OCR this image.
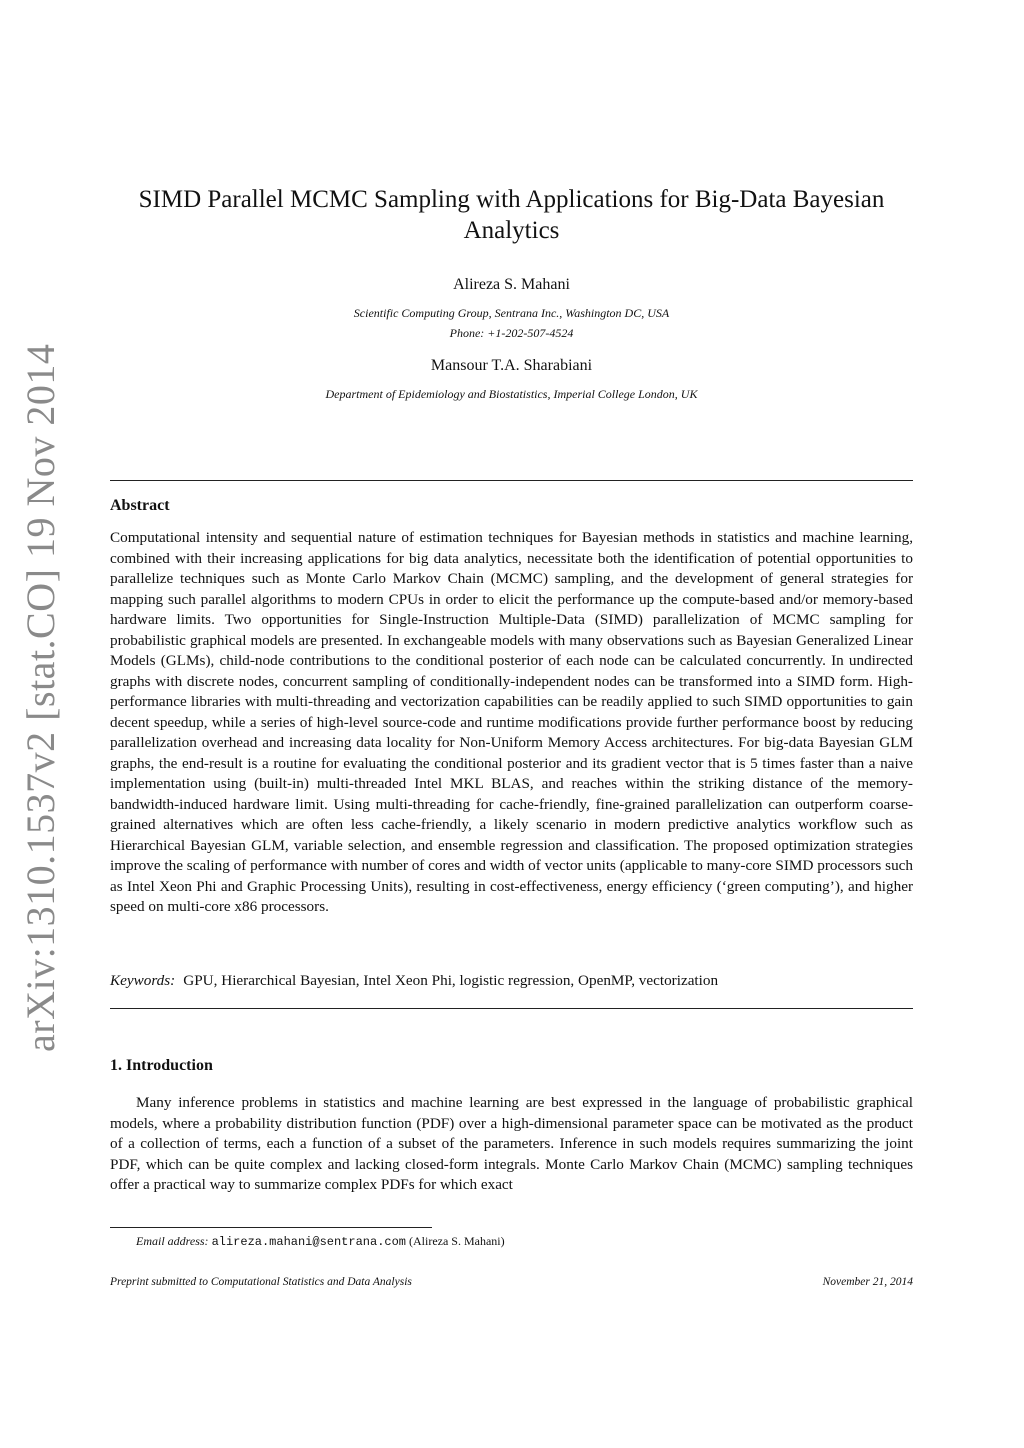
arXiv:1310.1537v2 [stat.CO] 19 Nov 2014
SIMD Parallel MCMC Sampling with Applications for Big-Data Bayesian Analytics
Alireza S. Mahani
Scientific Computing Group, Sentrana Inc., Washington DC, USA
Phone: +1-202-507-4524
Mansour T.A. Sharabiani
Department of Epidemiology and Biostatistics, Imperial College London, UK
Abstract
Computational intensity and sequential nature of estimation techniques for Bayesian methods in statistics and machine learning, combined with their increasing applications for big data analytics, necessitate both the identification of potential opportunities to parallelize techniques such as Monte Carlo Markov Chain (MCMC) sampling, and the development of general strategies for mapping such parallel algorithms to modern CPUs in order to elicit the performance up the compute-based and/or memory-based hardware limits. Two opportunities for Single-Instruction Multiple-Data (SIMD) parallelization of MCMC sampling for probabilistic graphical models are presented. In exchangeable models with many observations such as Bayesian Generalized Linear Models (GLMs), child-node contributions to the conditional posterior of each node can be calculated concurrently. In undirected graphs with discrete nodes, concurrent sampling of conditionally-independent nodes can be transformed into a SIMD form. High-performance libraries with multi-threading and vectorization capabilities can be readily applied to such SIMD opportunities to gain decent speedup, while a series of high-level source-code and runtime modifications provide further performance boost by reducing parallelization overhead and increasing data locality for Non-Uniform Memory Access architectures. For big-data Bayesian GLM graphs, the end-result is a routine for evaluating the conditional posterior and its gradient vector that is 5 times faster than a naive implementation using (built-in) multi-threaded Intel MKL BLAS, and reaches within the striking distance of the memory-bandwidth-induced hardware limit. Using multi-threading for cache-friendly, fine-grained parallelization can outperform coarse-grained alternatives which are often less cache-friendly, a likely scenario in modern predictive analytics workflow such as Hierarchical Bayesian GLM, variable selection, and ensemble regression and classification. The proposed optimization strategies improve the scaling of performance with number of cores and width of vector units (applicable to many-core SIMD processors such as Intel Xeon Phi and Graphic Processing Units), resulting in cost-effectiveness, energy efficiency (‘green computing’), and higher speed on multi-core x86 processors.
Keywords: GPU, Hierarchical Bayesian, Intel Xeon Phi, logistic regression, OpenMP, vectorization
1. Introduction
Many inference problems in statistics and machine learning are best expressed in the language of probabilistic graphical models, where a probability distribution function (PDF) over a high-dimensional parameter space can be motivated as the product of a collection of terms, each a function of a subset of the parameters. Inference in such models requires summarizing the joint PDF, which can be quite complex and lacking closed-form integrals. Monte Carlo Markov Chain (MCMC) sampling techniques offer a practical way to summarize complex PDFs for which exact
Email address: alireza.mahani@sentrana.com (Alireza S. Mahani)
Preprint submitted to Computational Statistics and Data Analysis	November 21, 2014
